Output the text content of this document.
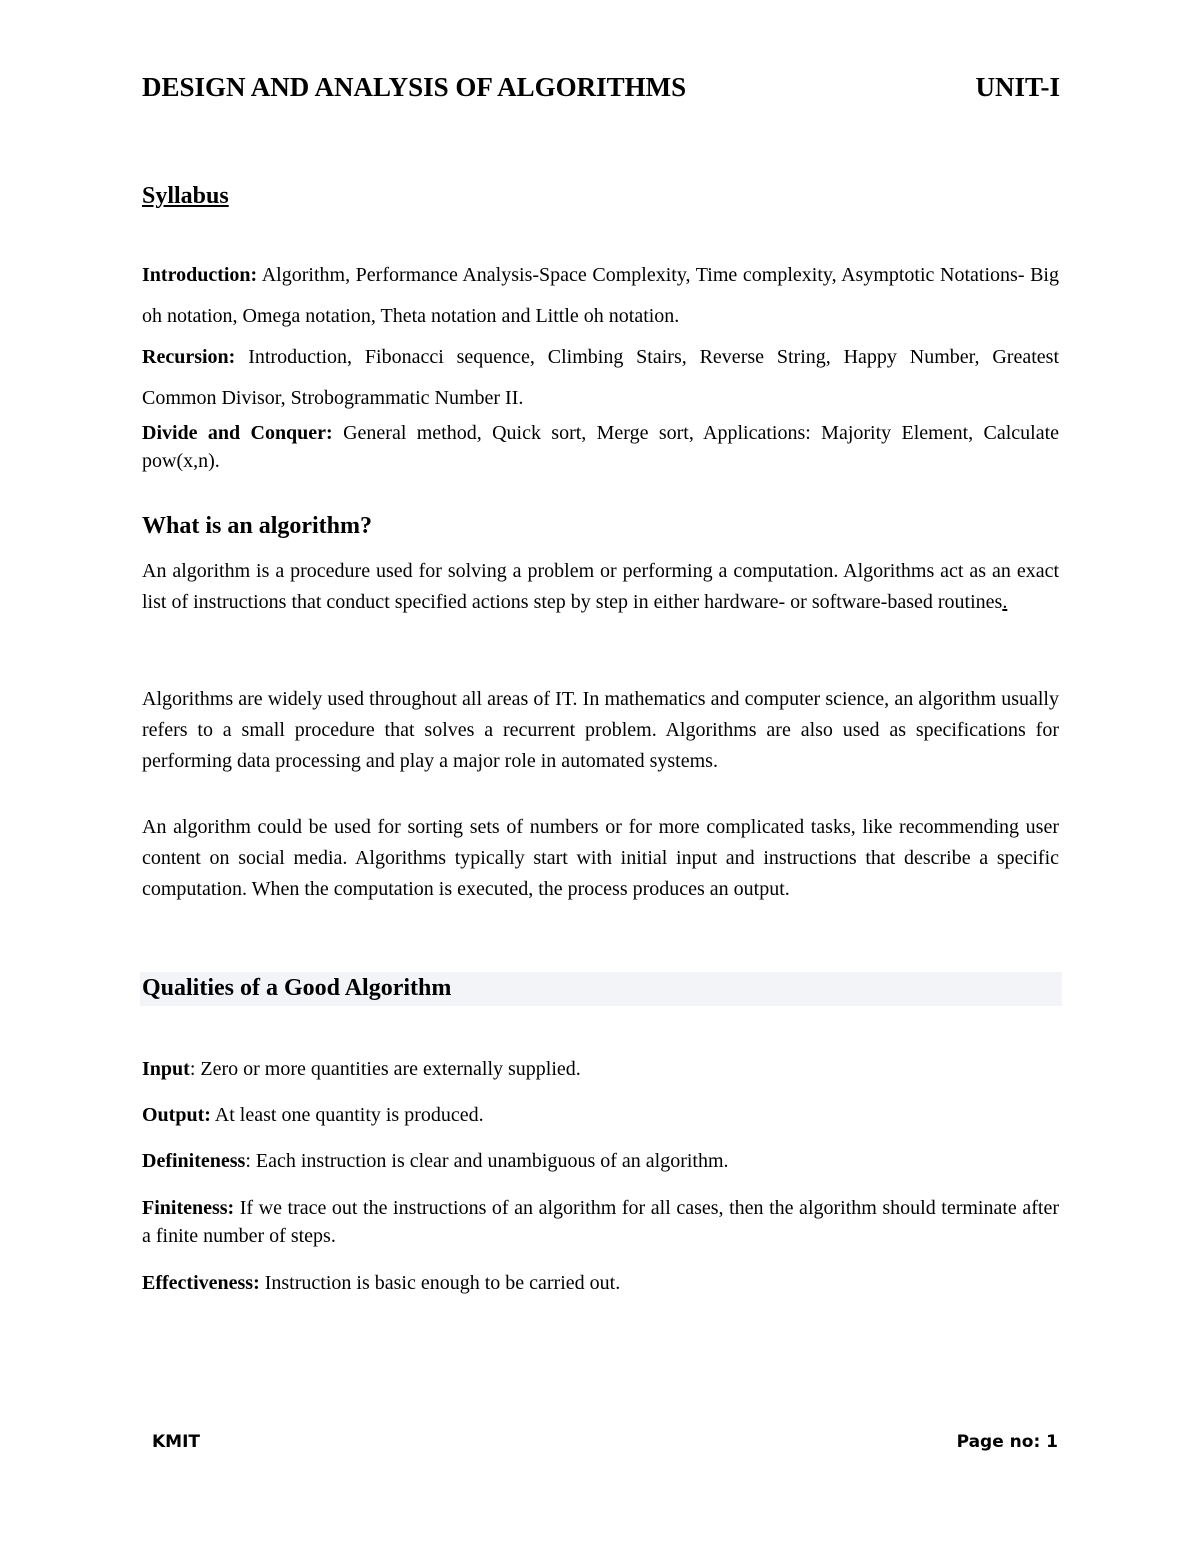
DESIGN AND ANALYSIS OF ALGORITHMS	UNIT-I
Syllabus
Introduction: Algorithm, Performance Analysis-Space Complexity, Time complexity, Asymptotic Notations- Big oh notation, Omega notation, Theta notation and Little oh notation.
Recursion: Introduction, Fibonacci sequence, Climbing Stairs, Reverse String, Happy Number, Greatest Common Divisor, Strobogrammatic Number II.
Divide and Conquer: General method, Quick sort, Merge sort, Applications: Majority Element, Calculate pow(x,n).
What is an algorithm?
An algorithm is a procedure used for solving a problem or performing a computation. Algorithms act as an exact list of instructions that conduct specified actions step by step in either hardware- or software-based routines.
Algorithms are widely used throughout all areas of IT. In mathematics and computer science, an algorithm usually refers to a small procedure that solves a recurrent problem. Algorithms are also used as specifications for performing data processing and play a major role in automated systems.
An algorithm could be used for sorting sets of numbers or for more complicated tasks, like recommending user content on social media. Algorithms typically start with initial input and instructions that describe a specific computation. When the computation is executed, the process produces an output.
Qualities of a Good Algorithm
Input: Zero or more quantities are externally supplied.
Output: At least one quantity is produced.
Definiteness: Each instruction is clear and unambiguous of an algorithm.
Finiteness: If we trace out the instructions of an algorithm for all cases, then the algorithm should terminate after a finite number of steps.
Effectiveness: Instruction is basic enough to be carried out.
KMIT	Page no: 1
